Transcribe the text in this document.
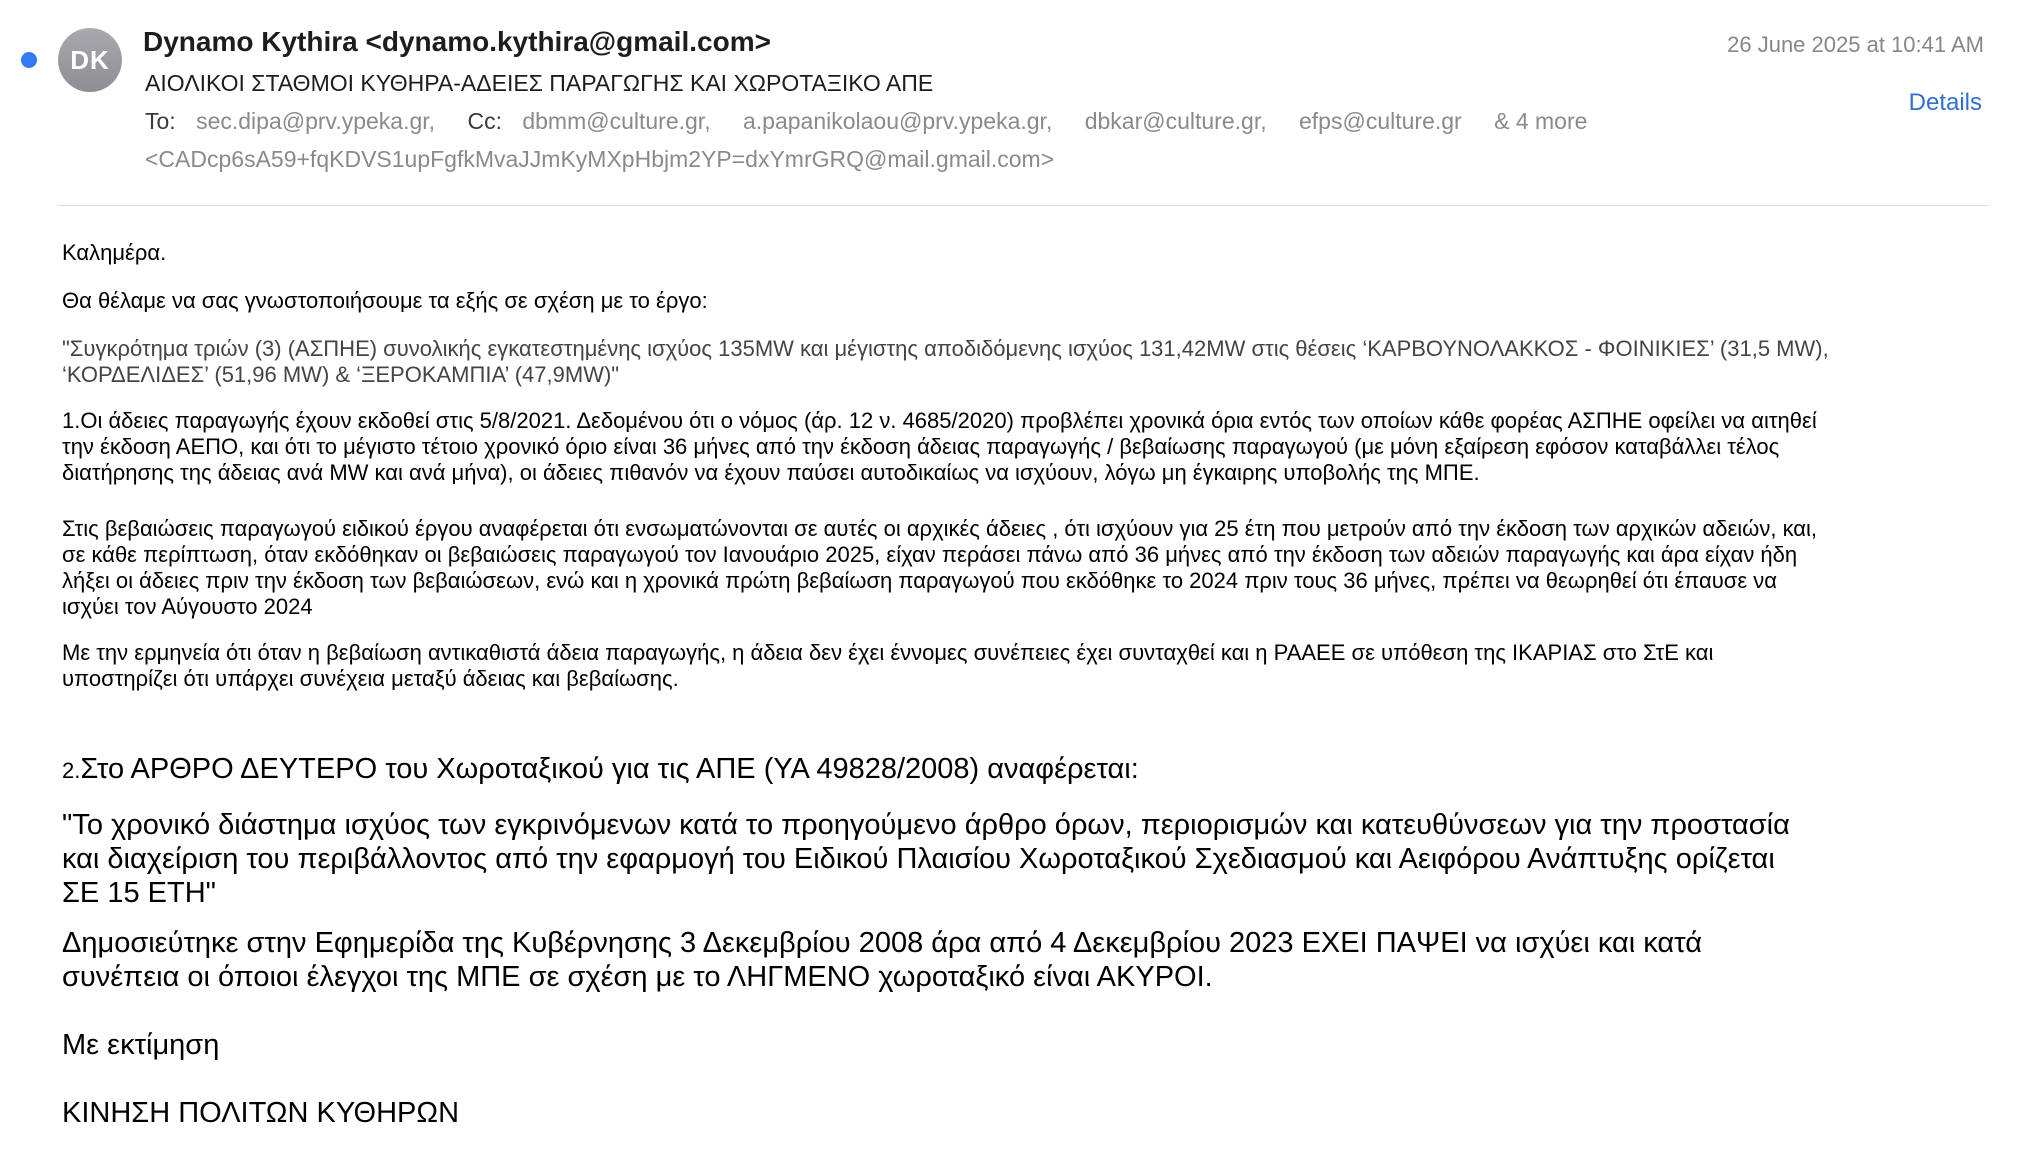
DK
Dynamo Kythira <dynamo.kythira@gmail.com>	26 June 2025 at 10:41 AM
ΑΙΟΛΙΚΟΙ ΣΤΑΘΜΟΙ ΚΥΘΗΡΑ-ΑΔΕΙΕΣ ΠΑΡΑΓΩΓΗΣ ΚΑΙ ΧΩΡΟΤΑΞΙΚΟ ΑΠΕ
Details
To: sec.dipa@prv.ypeka.gr, Cc: dbmm@culture.gr, a.papanikolaou@prv.ypeka.gr, dbkar@culture.gr, efps@culture.gr & 4 more
<CADcp6sA59+fqKDVS1upFgfkMvaJJmKyMXpHbjm2YP=dxYmrGRQ@mail.gmail.com>

Καλημέρα.

Θα θέλαμε να σας γνωστοποιήσουμε τα εξής σε σχέση με το έργο:

"Συγκρότημα τριών (3) (ΑΣΠΗΕ) συνολικής εγκατεστημένης ισχύος 135MW και μέγιστης αποδιδόμενης ισχύος 131,42MW στις θέσεις ‘ΚΑΡΒΟΥΝΟΛΑΚΚΟΣ - ΦΟΙΝΙΚΙΕΣ’ (31,5 MW),

‘ΚΟΡΔΕΛΙΔΕΣ’ (51,96 MW) & ‘ΞΕΡΟΚΑΜΠΙΑ’ (47,9MW)"

1.Οι άδειες παραγωγής έχουν εκδοθεί στις 5/8/2021. Δεδομένου ότι ο νόμος (άρ. 12 ν. 4685/2020) προβλέπει χρονικά όρια εντός των οποίων κάθε φορέας ΑΣΠΗΕ οφείλει να αιτηθεί

την έκδοση ΑΕΠΟ, και ότι το μέγιστο τέτοιο χρονικό όριο είναι 36 μήνες από την έκδοση άδειας παραγωγής / βεβαίωσης παραγωγού (με μόνη εξαίρεση εφόσον καταβάλλει τέλος

διατήρησης της άδειας ανά MW και ανά μήνα), οι άδειες πιθανόν να έχουν παύσει αυτοδικαίως να ισχύουν, λόγω μη έγκαιρης υποβολής της ΜΠΕ.

Στις βεβαιώσεις παραγωγού ειδικού έργου αναφέρεται ότι ενσωματώνονται σε αυτές οι αρχικές άδειες , ότι ισχύουν για 25 έτη που μετρούν από την έκδοση των αρχικών αδειών, και,

σε κάθε περίπτωση, όταν εκδόθηκαν οι βεβαιώσεις παραγωγού τον Ιανουάριο 2025, είχαν περάσει πάνω από 36 μήνες από την έκδοση των αδειών παραγωγής και άρα είχαν ήδη

λήξει οι άδειες πριν την έκδοση των βεβαιώσεων, ενώ και η χρονικά πρώτη βεβαίωση παραγωγού που εκδόθηκε το 2024 πριν τους 36 μήνες, πρέπει να θεωρηθεί ότι έπαυσε να

ισχύει τον Αύγουστο 2024

Με την ερμηνεία ότι όταν η βεβαίωση αντικαθιστά άδεια παραγωγής, η άδεια δεν έχει έννομες συνέπειες έχει συνταχθεί και η ΡΑΑΕΕ σε υπόθεση της ΙΚΑΡΙΑΣ στο ΣτΕ και

υποστηρίζει ότι υπάρχει συνέχεια μεταξύ άδειας και βεβαίωσης.

2.Στο ΑΡΘΡΟ ΔΕΥΤΕΡΟ του Χωροταξικού για τις ΑΠΕ (ΥΑ 49828/2008) αναφέρεται:

"Το χρονικό διάστημα ισχύος των εγκρινόμενων κατά το προηγούμενο άρθρο όρων, περιορισμών και κατευθύνσεων για την προστασία

και διαχείριση του περιβάλλοντος από την εφαρμογή του Ειδικού Πλαισίου Χωροταξικού Σχεδιασμού και Αειφόρου Ανάπτυξης ορίζεται

ΣΕ 15 ΕΤΗ"

Δημοσιεύτηκε στην Εφημερίδα της Κυβέρνησης 3 Δεκεμβρίου 2008 άρα από 4 Δεκεμβρίου 2023 ΕΧΕΙ ΠΑΨΕΙ να ισχύει και κατά

συνέπεια οι όποιοι έλεγχοι της ΜΠΕ σε σχέση με το ΛΗΓΜΕΝΟ χωροταξικό είναι ΑΚΥΡΟΙ.

Με εκτίμηση

ΚΙΝΗΣΗ ΠΟΛΙΤΩΝ ΚΥΘΗΡΩΝ
